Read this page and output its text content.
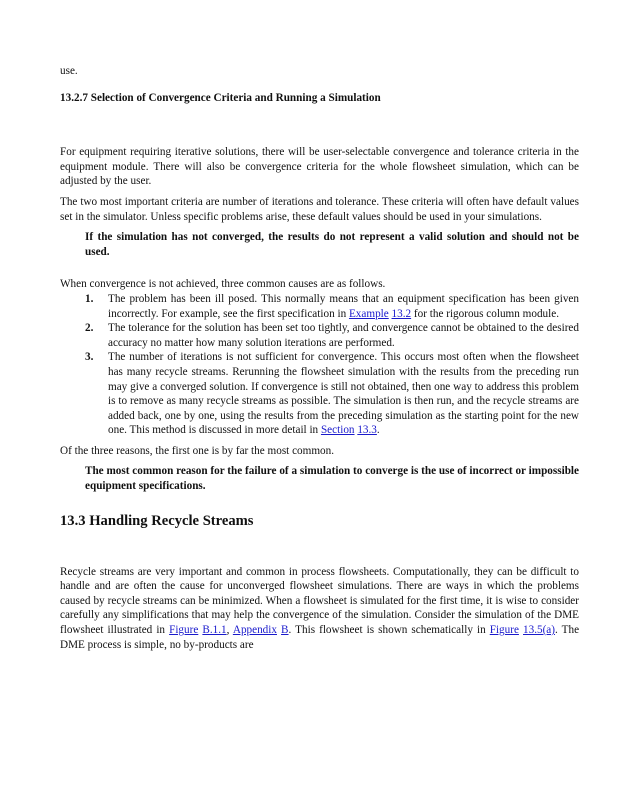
use.

13.2.7 Selection of Convergence Criteria and Running a Simulation

For equipment requiring iterative solutions, there will be user-selectable convergence and tolerance criteria in the equipment module. There will also be convergence criteria for the whole flowsheet simulation, which can be adjusted by the user.

The two most important criteria are number of iterations and tolerance. These criteria will often have default values set in the simulator. Unless specific problems arise, these default values should be used in your simulations.

If the simulation has not converged, the results do not represent a valid solution and should not be used.

When convergence is not achieved, three common causes are as follows.

1. The problem has been ill posed. This normally means that an equipment specification has been given incorrectly. For example, see the first specification in Example 13.2 for the rigorous column module.
2. The tolerance for the solution has been set too tightly, and convergence cannot be obtained to the desired accuracy no matter how many solution iterations are performed.
3. The number of iterations is not sufficient for convergence. This occurs most often when the flowsheet has many recycle streams. Rerunning the flowsheet simulation with the results from the preceding run may give a converged solution. If convergence is still not obtained, then one way to address this problem is to remove as many recycle streams as possible. The simulation is then run, and the recycle streams are added back, one by one, using the results from the preceding simulation as the starting point for the new one. This method is discussed in more detail in Section 13.3.

Of the three reasons, the first one is by far the most common.

The most common reason for the failure of a simulation to converge is the use of incorrect or impossible equipment specifications.

13.3 Handling Recycle Streams

Recycle streams are very important and common in process flowsheets. Computationally, they can be difficult to handle and are often the cause for unconverged flowsheet simulations. There are ways in which the problems caused by recycle streams can be minimized. When a flowsheet is simulated for the first time, it is wise to consider carefully any simplifications that may help the convergence of the simulation. Consider the simulation of the DME flowsheet illustrated in Figure B.1.1, Appendix B. This flowsheet is shown schematically in Figure 13.5(a). The DME process is simple, no by-products are
